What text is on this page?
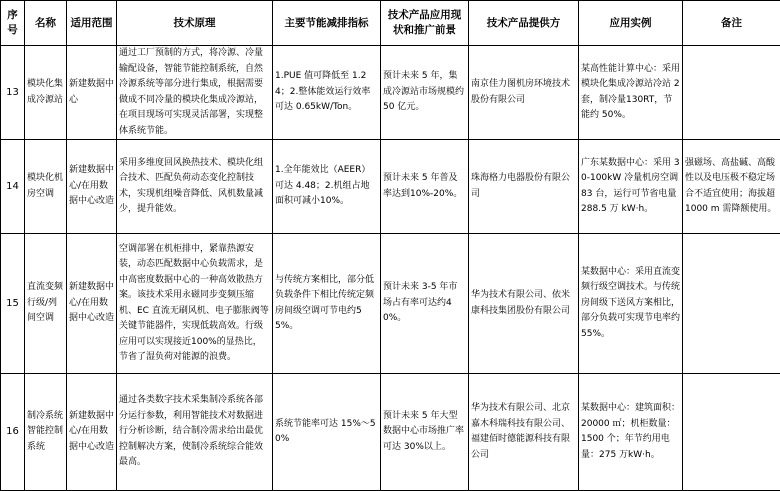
序号	名称	适用范围	技术原理	主要节能减排指标	技术产品应用现状和推广前景	技术产品提供方	应用实例	备注
13	模块化集成冷源站	新建数据中心	通过工厂预制的方式，将冷源、冷量输配设备，智能节能控制系统，自然冷源系统等部分进行集成，根据需要做成不同冷量的模块化集成冷源站，在项目现场可实现灵活部署，实现整体系统节能。	1.PUE 值可降低至 1.24；2.整体能效运行效率可达 0.65kW/Ton。	预计未来 5 年，集成冷源站市场规模约 50 亿元。	南京佳力图机房环境技术股份有限公司	某高性能计算中心：采用模块化集成冷源站冷站 2 套，制冷量130RT，节能约 50%。	
14	模块化机房空调	新建数据中心/在用数据中心改造	采用多维度回风换热技术、模块化组合技术、匹配负荷动态变化控制技术，实现机组噪音降低、风机数量减少，提升能效。	1.全年能效比（AEER）可达 4.48；2.机组占地面积可减小10%。	预计未来 5 年普及率达到10%-20%。	珠海格力电器股份有限公司	广东某数据中心：采用 30-100kW 冷量机房空调 83 台，运行可节省电量 288.5 万 kW·h。	强磁场、高盐碱、高酸性以及电压极不稳定场合不适宜使用；海拔超 1000 m 需降额使用。
15	直流变频行级/列间空调	新建数据中心/在用数据中心改造	空调部署在机柜排中，紧靠热源安装，动态匹配数据中心负载需求，是中高密度数据中心的一种高效散热方案。该技术采用永磁同步变频压缩机、EC 直流无刷风机、电子膨胀阀等关键节能器件，实现低载高效。行级应用可以实现接近100%的显热比，节省了湿负荷对能源的浪费。	与传统方案相比，部分低负载条件下相比传统定频房间级空调可节电约55%。	预计未来 3-5 年市场占有率可达约40%。	华为技术有限公司、依米康科技集团股份有限公司	某数据中心：采用直流变频行级空调技术。与传统房间级下送风方案相比，部分负载可实现节电率约55%。	
16	制冷系统智能控制系统	新建数据中心/在用数据中心改造	通过各类数字技术采集制冷系统各部分运行参数，利用智能技术对数据进行分析诊断，结合制冷需求给出最优控制解决方案，使制冷系统综合能效最高。	系统节能率可达 15%～50%	预计未来 5 年大型数据中心市场推广率可达 30%以上。	华为技术有限公司、北京嘉木科瑞科技有限公司、福建佰时德能源科技有限公司	某数据中心：建筑面积：20000 ㎡；机柜数量：1500 个；年节约用电量：275 万kW·h。	
